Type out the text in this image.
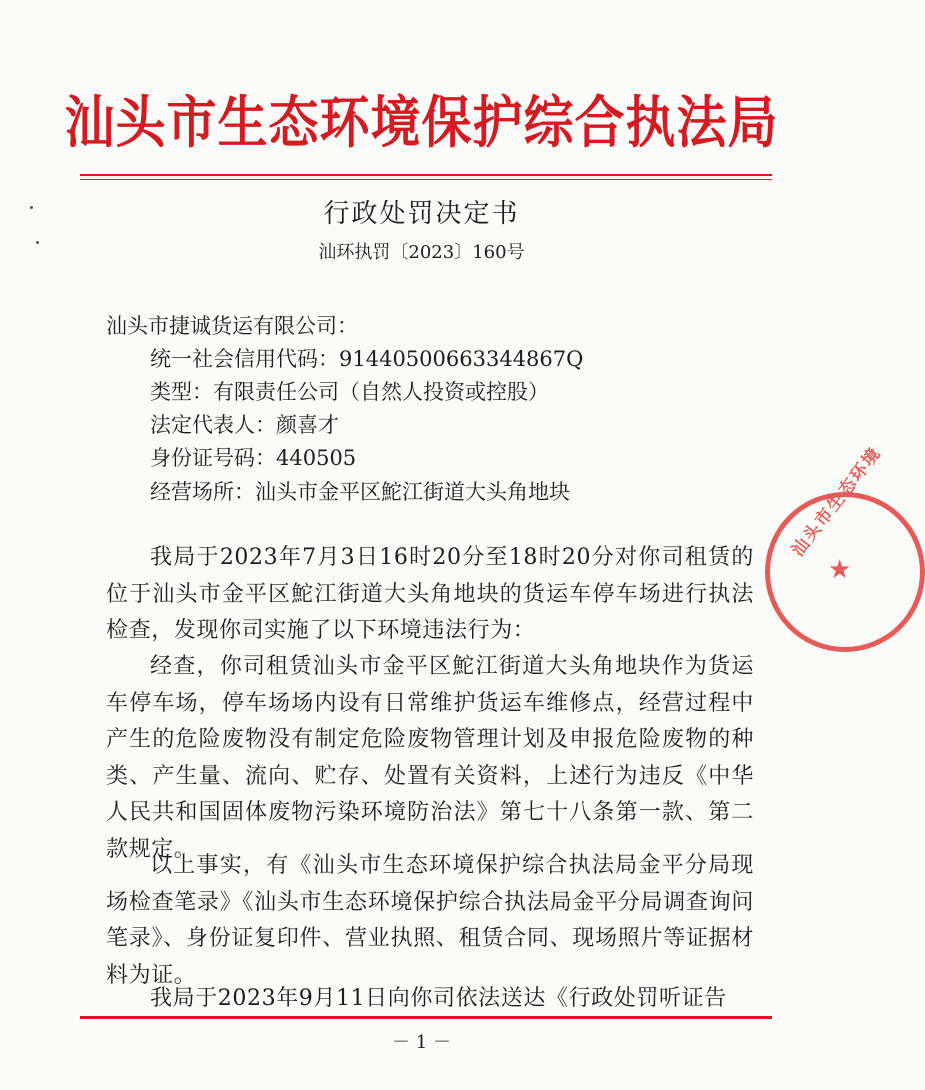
汕头市生态环境保护综合执法局
行政处罚决定书
汕环执罚〔2023〕160号
汕头市捷诚货运有限公司：
统一社会信用代码：91440500663344867Q
类型：有限责任公司（自然人投资或控股）
法定代表人：颜喜才
身份证号码：440505
经营场所：汕头市金平区鮀江街道大头角地块
我局于2023年7月3日16时20分至18时20分对你司租赁的位于汕头市金平区鮀江街道大头角地块的货运车停车场进行执法检查，发现你司实施了以下环境违法行为：
经查，你司租赁汕头市金平区鮀江街道大头角地块作为货运车停车场，停车场场内设有日常维护货运车维修点，经营过程中产生的危险废物没有制定危险废物管理计划及申报危险废物的种类、产生量、流向、贮存、处置有关资料，上述行为违反《中华人民共和国固体废物污染环境防治法》第七十八条第一款、第二款规定。
以上事实，有《汕头市生态环境保护综合执法局金平分局现场检查笔录》《汕头市生态环境保护综合执法局金平分局调查询问笔录》、身份证复印件、营业执照、租赁合同、现场照片等证据材料为证。
我局于2023年9月11日向你司依法送达《行政处罚听证告
－ 1 －
汕头市生态环境
★
